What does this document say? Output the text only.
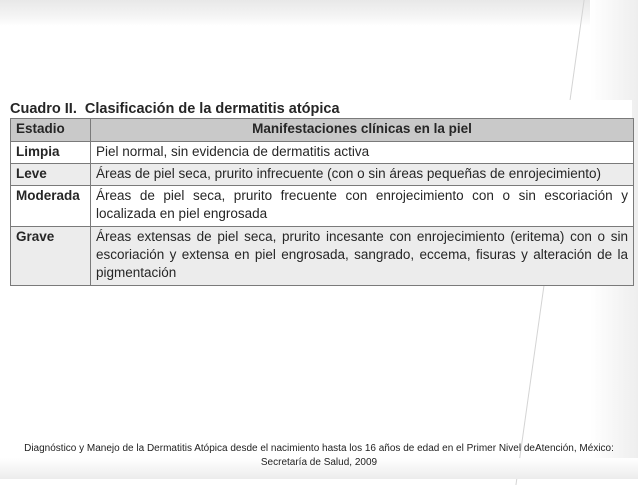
Cuadro II. Clasificación de la dermatitis atópica
Estadio	Manifestaciones clínicas en la piel
Limpia	Piel normal, sin evidencia de dermatitis activa
Leve	Áreas de piel seca, prurito infrecuente (con o sin áreas pequeñas de enrojecimiento)
Moderada	Áreas de piel seca, prurito frecuente con enrojecimiento con o sin escoriación y localizada en piel engrosada
Grave	Áreas extensas de piel seca, prurito incesante con enrojecimiento (eritema) con o sin escoriación y extensa en piel engrosada, sangrado, eccema, fisuras y alteración de la pigmentación
Diagnóstico y Manejo de la Dermatitis Atópica desde el nacimiento hasta los 16 años de edad en el Primer Nivel deAtención, México:
Secretaría de Salud, 2009
